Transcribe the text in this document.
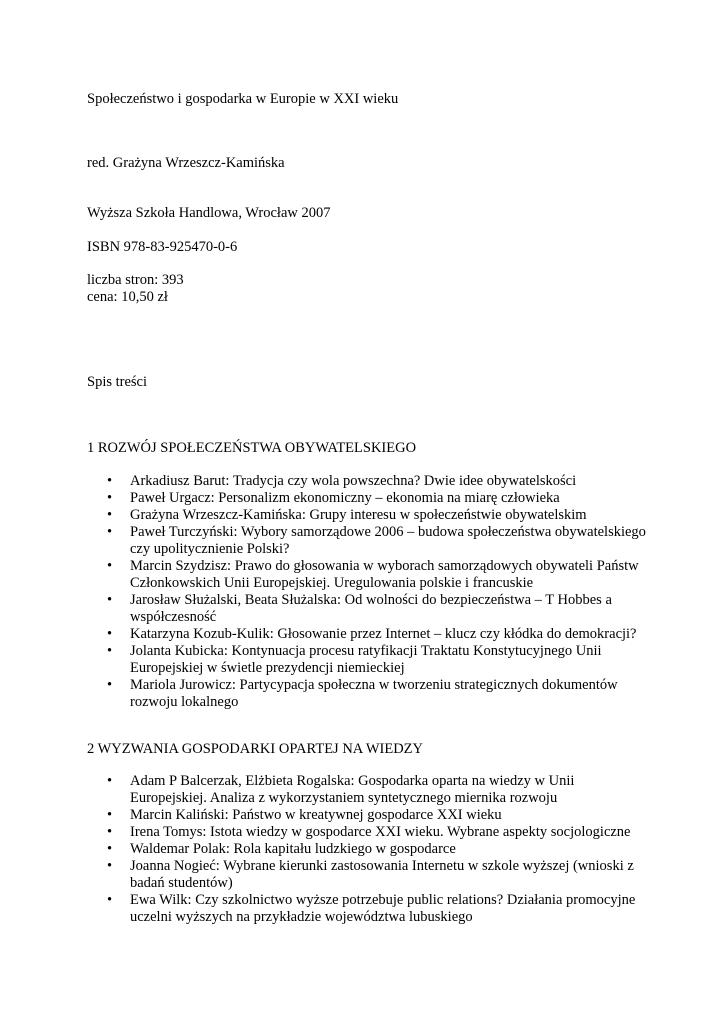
Społeczeństwo i gospodarka w Europie w XXI wieku
red. Grażyna Wrzeszcz-Kamińska
Wyższa Szkoła Handlowa, Wrocław 2007
ISBN 978-83-925470-0-6
liczba stron: 393
cena: 10,50 zł
Spis treści
1 ROZWÓJ SPOŁECZEŃSTWA OBYWATELSKIEGO
• Arkadiusz Barut: Tradycja czy wola powszechna? Dwie idee obywatelskości
• Paweł Urgacz: Personalizm ekonomiczny – ekonomia na miarę człowieka
• Grażyna Wrzeszcz-Kamińska: Grupy interesu w społeczeństwie obywatelskim
• Paweł Turczyński: Wybory samorządowe 2006 – budowa społeczeństwa obywatelskiego czy upolitycznienie Polski?
• Marcin Szydzisz: Prawo do głosowania w wyborach samorządowych obywateli Państw Członkowskich Unii Europejskiej. Uregulowania polskie i francuskie
• Jarosław Służalski, Beata Służalska: Od wolności do bezpieczeństwa – T Hobbes a współczesność
• Katarzyna Kozub-Kulik: Głosowanie przez Internet – klucz czy kłódka do demokracji?
• Jolanta Kubicka: Kontynuacja procesu ratyfikacji Traktatu Konstytucyjnego Unii Europejskiej w świetle prezydencji niemieckiej
• Mariola Jurowicz: Partycypacja społeczna w tworzeniu strategicznych dokumentów rozwoju lokalnego
2 WYZWANIA GOSPODARKI OPARTEJ NA WIEDZY
• Adam P Balcerzak, Elżbieta Rogalska: Gospodarka oparta na wiedzy w Unii Europejskiej. Analiza z wykorzystaniem syntetycznego miernika rozwoju
• Marcin Kaliński: Państwo w kreatywnej gospodarce XXI wieku
• Irena Tomys: Istota wiedzy w gospodarce XXI wieku. Wybrane aspekty socjologiczne
• Waldemar Polak: Rola kapitału ludzkiego w gospodarce
• Joanna Nogieć: Wybrane kierunki zastosowania Internetu w szkole wyższej (wnioski z badań studentów)
• Ewa Wilk: Czy szkolnictwo wyższe potrzebuje public relations? Działania promocyjne uczelni wyższych na przykładzie województwa lubuskiego
